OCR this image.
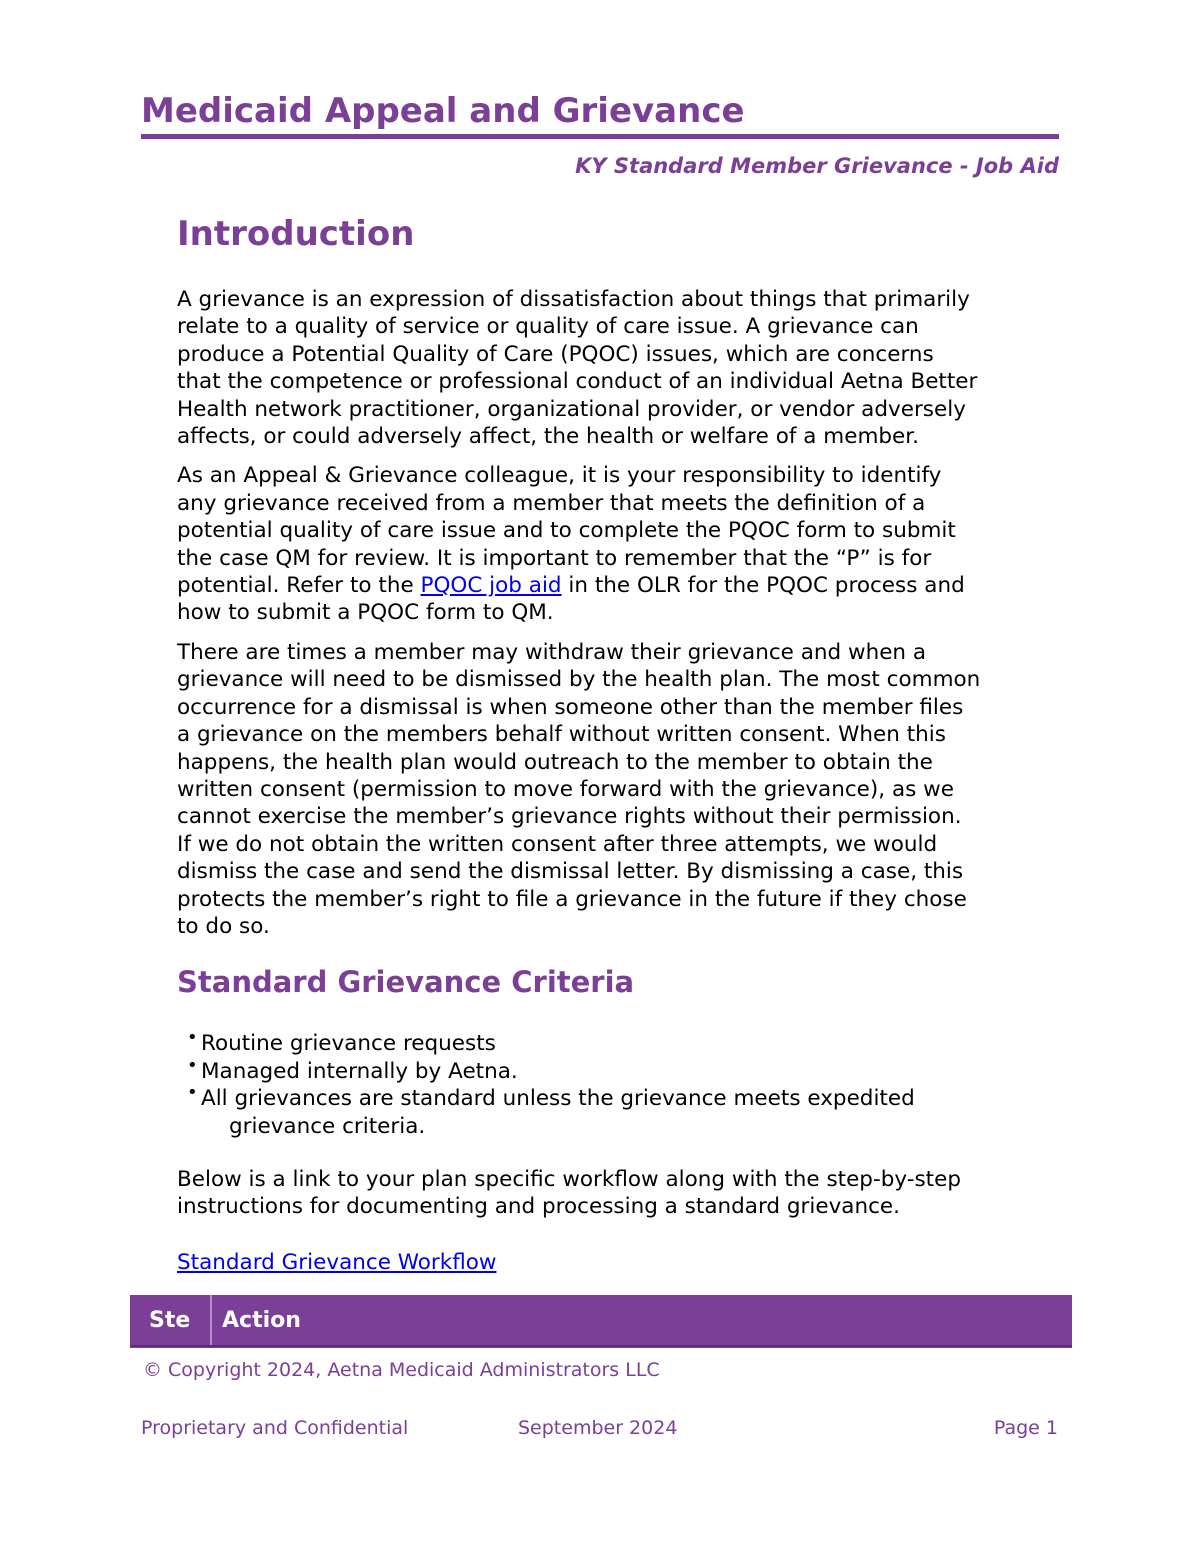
Medicaid Appeal and Grievance
KY Standard Member Grievance - Job Aid
Introduction

A grievance is an expression of dissatisfaction about things that primarily
relate to a quality of service or quality of care issue. A grievance can
produce a Potential Quality of Care (PQOC) issues, which are concerns
that the competence or professional conduct of an individual Aetna Better
Health network practitioner, organizational provider, or vendor adversely
affects, or could adversely affect, the health or welfare of a member.

As an Appeal & Grievance colleague, it is your responsibility to identify
any grievance received from a member that meets the definition of a
potential quality of care issue and to complete the PQOC form to submit
the case QM for review. It is important to remember that the “P” is for
potential. Refer to the PQOC job aid in the OLR for the PQOC process and
how to submit a PQOC form to QM.

There are times a member may withdraw their grievance and when a
grievance will need to be dismissed by the health plan. The most common
occurrence for a dismissal is when someone other than the member files
a grievance on the members behalf without written consent. When this
happens, the health plan would outreach to the member to obtain the
written consent (permission to move forward with the grievance), as we
cannot exercise the member’s grievance rights without their permission.
If we do not obtain the written consent after three attempts, we would
dismiss the case and send the dismissal letter. By dismissing a case, this
protects the member’s right to file a grievance in the future if they chose
to do so.

Standard Grievance Criteria
• Routine grievance requests
• Managed internally by Aetna.
• All grievances are standard unless the grievance meets expedited
grievance criteria.

Below is a link to your plan specific workflow along with the step-by-step
instructions for documenting and processing a standard grievance.

Standard Grievance Workflow
Ste	Action
© Copyright 2024, Aetna Medicaid Administrators LLC
Proprietary and Confidential	September 2024	Page 1
